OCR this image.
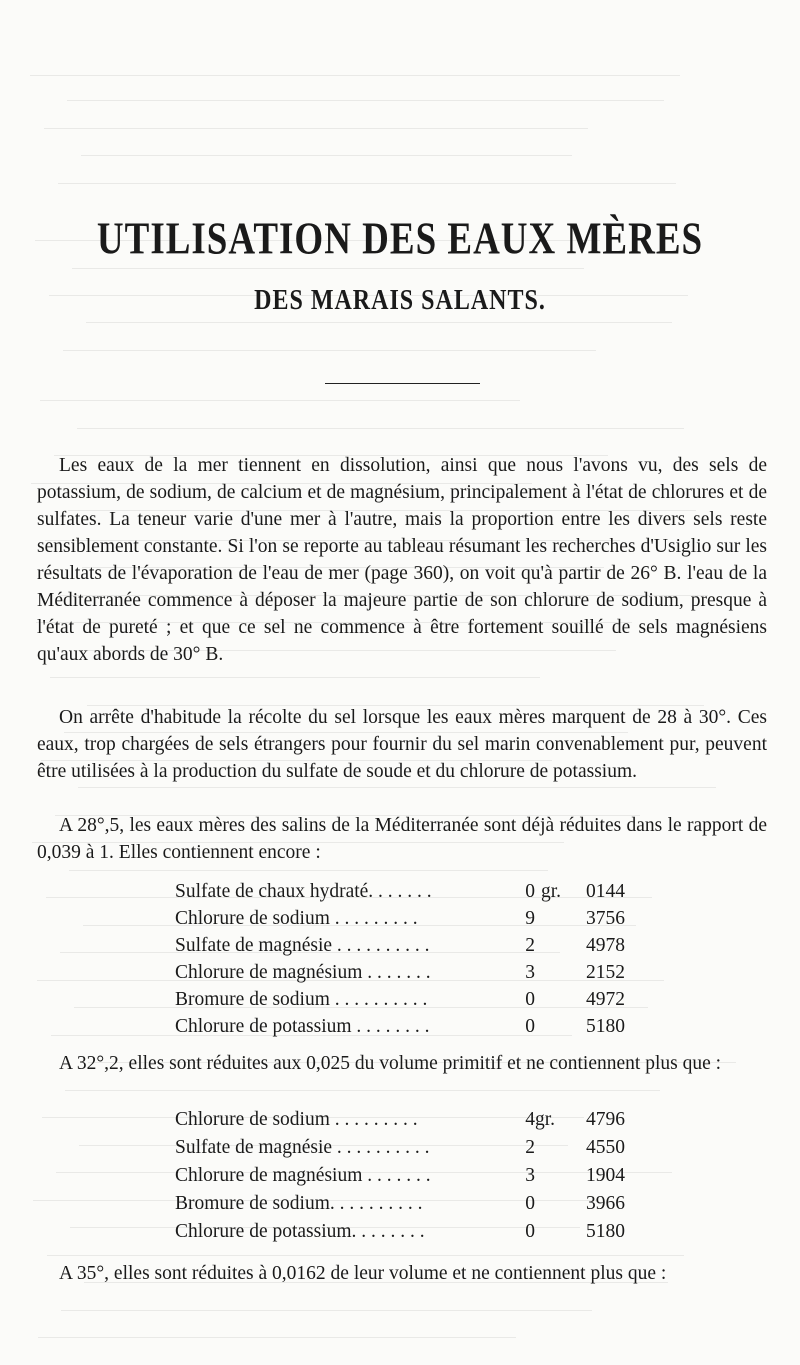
UTILISATION DES EAUX MÈRES
DES MARAIS SALANTS.

Les eaux de la mer tiennent en dissolution, ainsi que nous l'avons vu, des sels de potassium, de sodium, de calcium et de magnésium, principalement à l'état de chlorures et de sulfates. La teneur varie d'une mer à l'autre, mais la proportion entre les divers sels reste sensiblement constante. Si l'on se reporte au tableau résumant les recherches d'Usiglio sur les résultats de l'évaporation de l'eau de mer (page 360), on voit qu'à partir de 26° B. l'eau de la Méditerranée commence à déposer la majeure partie de son chlorure de sodium, presque à l'état de pureté ; et que ce sel ne commence à être fortement souillé de sels magnésiens qu'aux abords de 30° B.

On arrête d'habitude la récolte du sel lorsque les eaux mères marquent de 28 à 30°. Ces eaux, trop chargées de sels étrangers pour fournir du sel marin convenablement pur, peuvent être utilisées à la production du sulfate de soude et du chlorure de potassium.

A 28°,5, les eaux mères des salins de la Méditerranée sont déjà réduites dans le rapport de 0,039 à 1. Elles contiennent encore :

Sulfate de chaux hydraté. . . . . . .	0 gr.	0144
Chlorure de sodium . . . . . . . . .	9	3756
Sulfate de magnésie . . . . . . . . . .	2	4978
Chlorure de magnésium . . . . . . .	3	2152
Bromure de sodium . . . . . . . . . .	0	4972
Chlorure de potassium . . . . . . . .	0	5180

A 32°,2, elles sont réduites aux 0,025 du volume primitif et ne contiennent plus que :

Chlorure de sodium . . . . . . . . .	4 gr.	4796
Sulfate de magnésie . . . . . . . . . .	2	4550
Chlorure de magnésium . . . . . . .	3	1904
Bromure de sodium. . . . . . . . . .	0	3966
Chlorure de potassium. . . . . . . .	0	5180

A 35°, elles sont réduites à 0,0162 de leur volume et ne contiennent plus que :
